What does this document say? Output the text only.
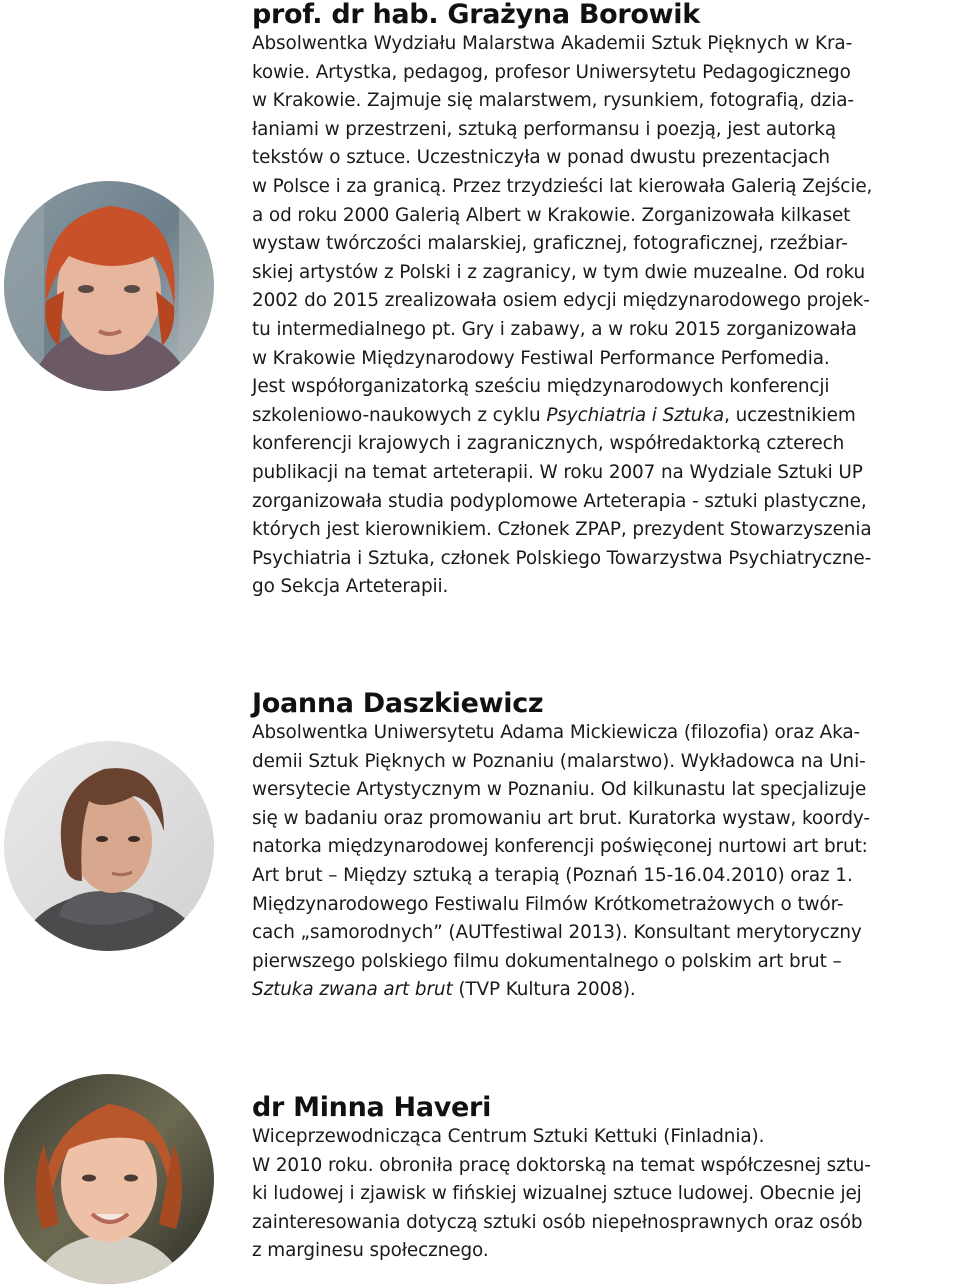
prof. dr hab. Grażyna Borowik

Absolwentka Wydziału Malarstwa Akademii Sztuk Pięknych w Kra-
kowie. Artystka, pedagog, profesor Uniwersytetu Pedagogicznego
w Krakowie. Zajmuje się malarstwem, rysunkiem, fotografią, dzia-
łaniami w przestrzeni, sztuką performansu i poezją, jest autorką
tekstów o sztuce. Uczestniczyła w ponad dwustu prezentacjach
w Polsce i za granicą. Przez trzydzieści lat kierowała Galerią Zejście,
a od roku 2000 Galerią Albert w Krakowie. Zorganizowała kilkaset
wystaw twórczości malarskiej, graficznej, fotograficznej, rzeźbiar-
skiej artystów z Polski i z zagranicy, w tym dwie muzealne. Od roku
2002 do 2015 zrealizowała osiem edycji międzynarodowego projek-
tu intermedialnego pt. Gry i zabawy, a w roku 2015 zorganizowała
w Krakowie Międzynarodowy Festiwal Performance Perfomedia.
Jest współorganizatorką sześciu międzynarodowych konferencji
szkoleniowo-naukowych z cyklu Psychiatria i Sztuka, uczestnikiem
konferencji krajowych i zagranicznych, współredaktorką czterech
publikacji na temat arteterapii. W roku 2007 na Wydziale Sztuki UP
zorganizowała studia podyplomowe Arteterapia - sztuki plastyczne,
których jest kierownikiem. Członek ZPAP, prezydent Stowarzyszenia
Psychiatria i Sztuka, członek Polskiego Towarzystwa Psychiatryczne-
go Sekcja Arteterapii.

Joanna Daszkiewicz

Absolwentka Uniwersytetu Adama Mickiewicza (filozofia) oraz Aka-
demii Sztuk Pięknych w Poznaniu (malarstwo). Wykładowca na Uni-
wersytecie Artystycznym w Poznaniu. Od kilkunastu lat specjalizuje
się w badaniu oraz promowaniu art brut. Kuratorka wystaw, koordy-
natorka międzynarodowej konferencji poświęconej nurtowi art brut:
Art brut – Między sztuką a terapią (Poznań 15-16.04.2010) oraz 1.
Międzynarodowego Festiwalu Filmów Krótkometrażowych o twór-
cach „samorodnych” (AUTfestiwal 2013). Konsultant merytoryczny
pierwszego polskiego filmu dokumentalnego o polskim art brut –
Sztuka zwana art brut (TVP Kultura 2008).

dr Minna Haveri

Wiceprzewodnicząca Centrum Sztuki Kettuki (Finladnia).
W 2010 roku. obroniła pracę doktorską na temat współczesnej sztu-
ki ludowej i zjawisk w fińskiej wizualnej sztuce ludowej. Obecnie jej
zainteresowania dotyczą sztuki osób niepełnosprawnych oraz osób
z marginesu społecznego.
